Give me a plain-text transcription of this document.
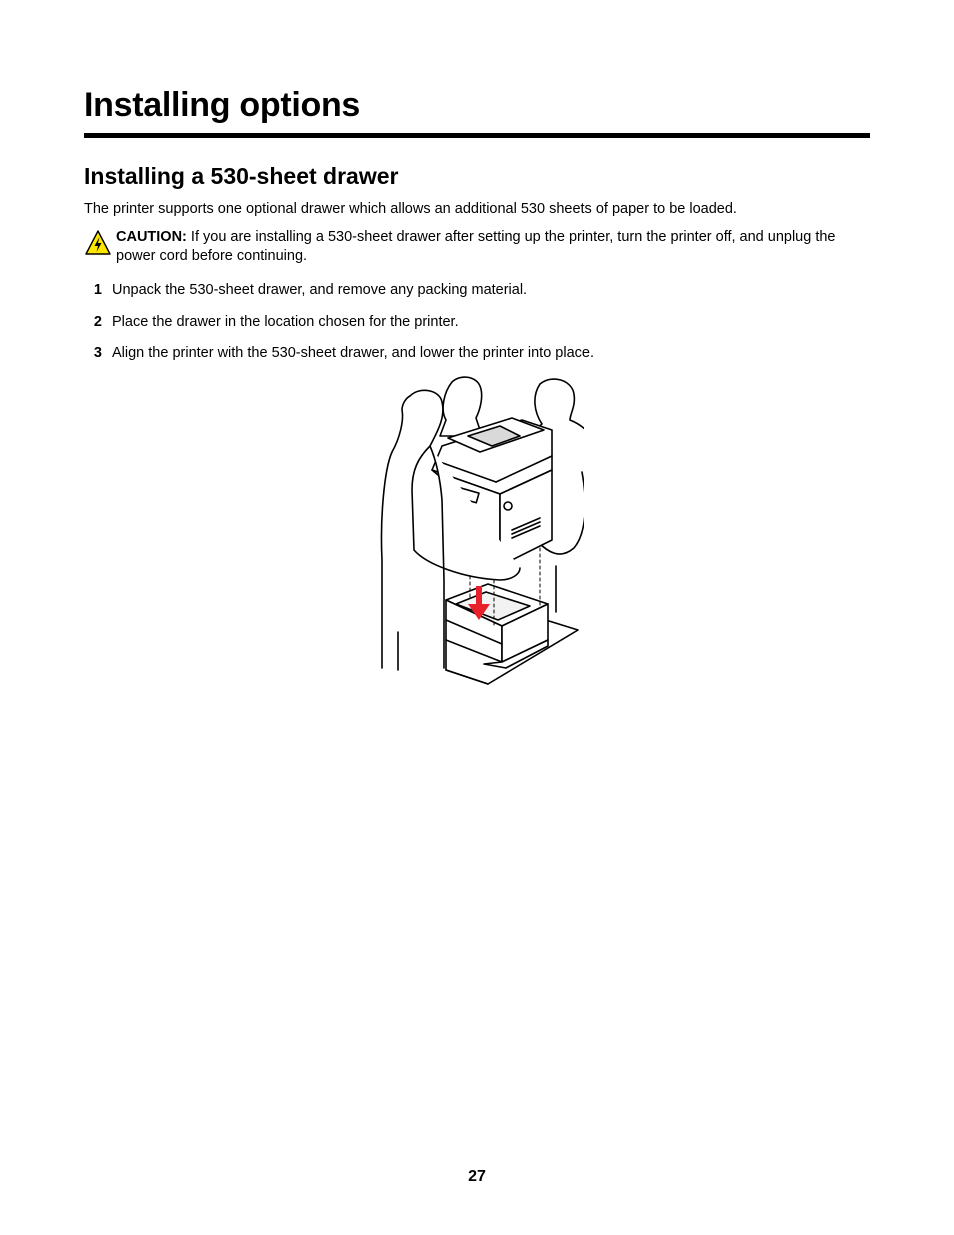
Installing options
Installing a 530-sheet drawer

The printer supports one optional drawer which allows an additional 530 sheets of paper to be loaded.

CAUTION: If you are installing a 530-sheet drawer after setting up the printer, turn the printer off, and unplug the power cord before continuing.

1 Unpack the 530-sheet drawer, and remove any packing material.
2 Place the drawer in the location chosen for the printer.
3 Align the printer with the 530-sheet drawer, and lower the printer into place.
27
